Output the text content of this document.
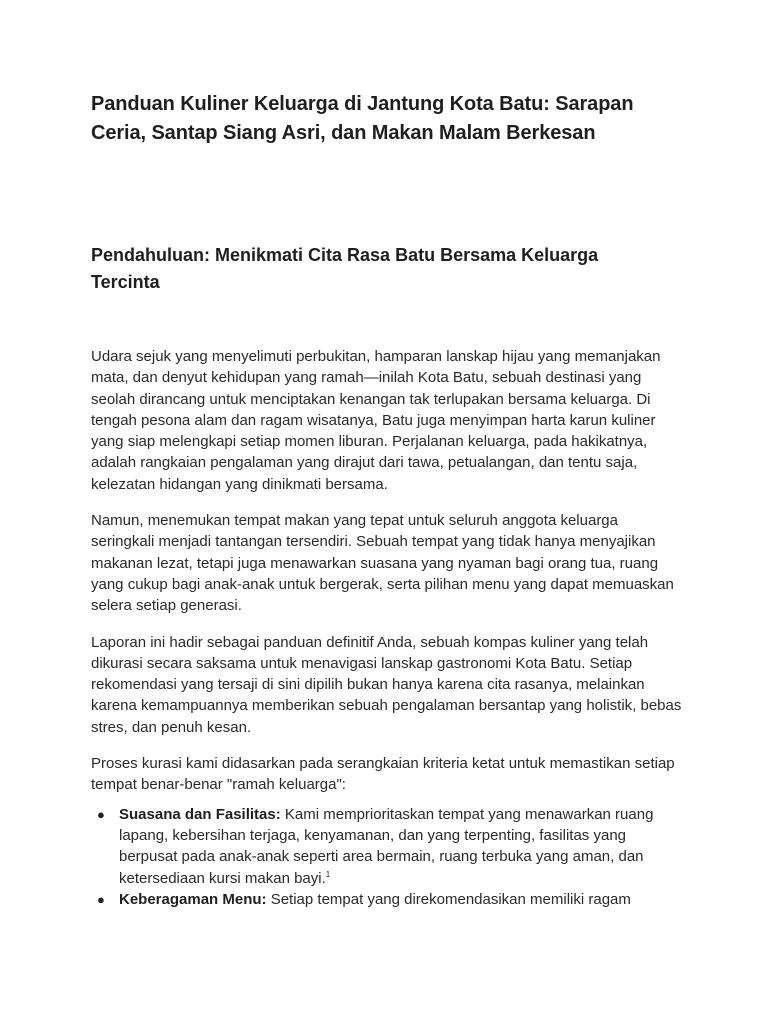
Panduan Kuliner Keluarga di Jantung Kota Batu: Sarapan Ceria, Santap Siang Asri, dan Makan Malam Berkesan
Pendahuluan: Menikmati Cita Rasa Batu Bersama Keluarga Tercinta

Udara sejuk yang menyelimuti perbukitan, hamparan lanskap hijau yang memanjakan mata, dan denyut kehidupan yang ramah—inilah Kota Batu, sebuah destinasi yang seolah dirancang untuk menciptakan kenangan tak terlupakan bersama keluarga. Di tengah pesona alam dan ragam wisatanya, Batu juga menyimpan harta karun kuliner yang siap melengkapi setiap momen liburan. Perjalanan keluarga, pada hakikatnya, adalah rangkaian pengalaman yang dirajut dari tawa, petualangan, dan tentu saja, kelezatan hidangan yang dinikmati bersama.

Namun, menemukan tempat makan yang tepat untuk seluruh anggota keluarga seringkali menjadi tantangan tersendiri. Sebuah tempat yang tidak hanya menyajikan makanan lezat, tetapi juga menawarkan suasana yang nyaman bagi orang tua, ruang yang cukup bagi anak-anak untuk bergerak, serta pilihan menu yang dapat memuaskan selera setiap generasi.

Laporan ini hadir sebagai panduan definitif Anda, sebuah kompas kuliner yang telah dikurasi secara saksama untuk menavigasi lanskap gastronomi Kota Batu. Setiap rekomendasi yang tersaji di sini dipilih bukan hanya karena cita rasanya, melainkan karena kemampuannya memberikan sebuah pengalaman bersantap yang holistik, bebas stres, dan penuh kesan.

Proses kurasi kami didasarkan pada serangkaian kriteria ketat untuk memastikan setiap tempat benar-benar "ramah keluarga":

● Suasana dan Fasilitas: Kami memprioritaskan tempat yang menawarkan ruang lapang, kebersihan terjaga, kenyamanan, dan yang terpenting, fasilitas yang berpusat pada anak-anak seperti area bermain, ruang terbuka yang aman, dan ketersediaan kursi makan bayi.$^1$
● Keberagaman Menu: Setiap tempat yang direkomendasikan memiliki ragam
